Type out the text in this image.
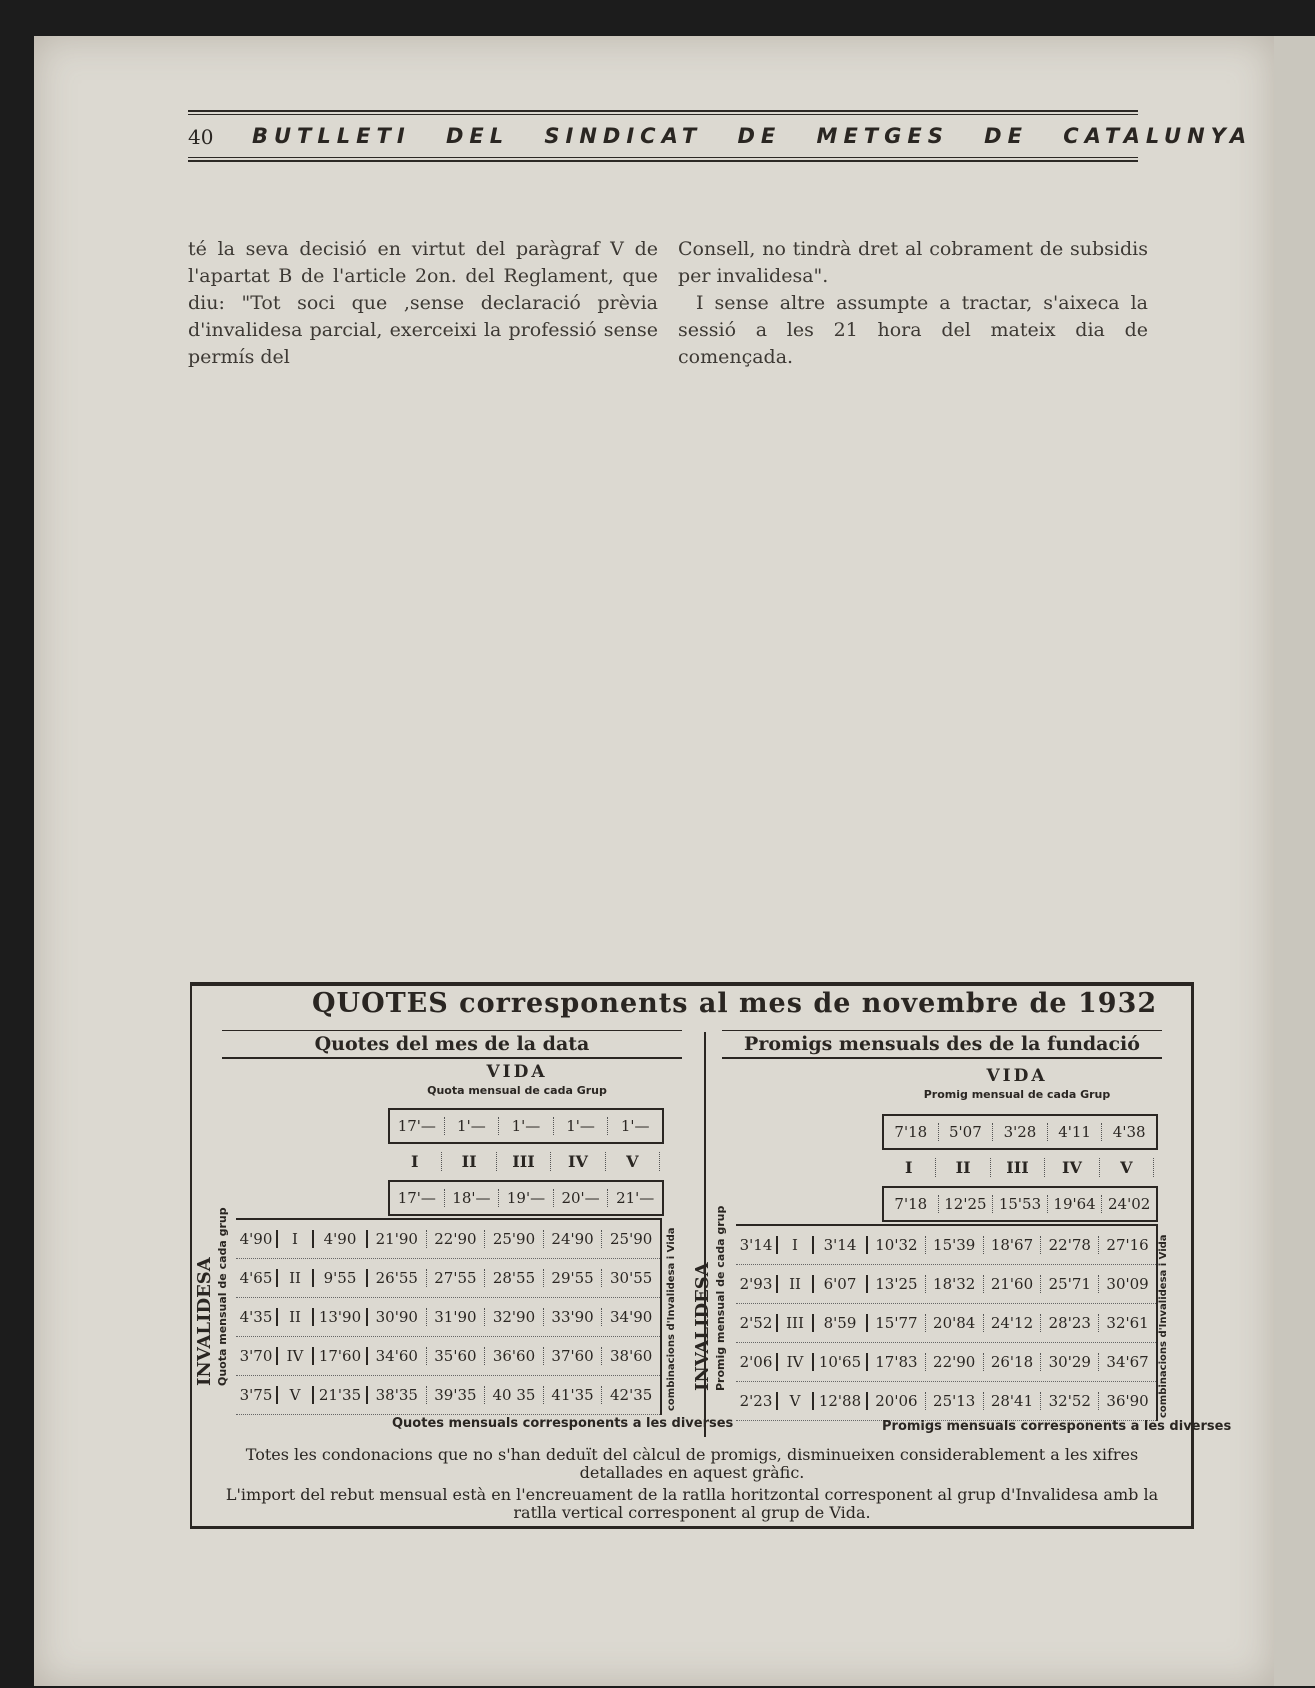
40 BUTLLETI DEL SINDICAT DE METGES DE CATALUNYA

té la seva decisió en virtut del paràgraf V de l'apartat B de l'article 2on. del Reglament, que diu: "Tot soci que ,sense declaració prèvia d'invalidesa parcial, exerceixi la professió sense permís del

Consell, no tindrà dret al cobrament de subsidis per invalidesa".

I sense altre assumpte a tractar, s'aixeca la sessió a les 21 hora del mateix dia de començada.

QUOTES corresponents al mes de novembre de 1932
Quotes del mes de la data
VIDA
Quota mensual de cada Grup
17'—	1'—	1'—	1'—	1'—
I	II	III	IV	V
17'—	18'—	19'—	20'—	21'—
INVALIDESA Quota mensual de cada grup	combinacions d'Invalidesa i Vida
4'90	I	4'90	21'90	22'90	25'90	24'90	25'90
4'65	II	9'55	26'55	27'55	28'55	29'55	30'55
4'35	II	13'90 30'90	31'90	32'90	33'90	34'90
3'70 IV	17'60 34'60	35'60	36'60	37'60	38'60
3'75	V	21'35 38'35	39'35	40 35	41'35	42'35
Quotes mensuals corresponents a les diverses
Promigs mensuals des de la fundació
VIDA
Promig mensual de cada Grup
7'18	5'07	3'28	4'11	4'38
I	II	III	IV	V
7'18	12'25 15'53 19'64 24'02
INVALIDESA Promig mensual de cada grup	combinacions d'Invalidesa i Vida
3'14	I	3'14	10'32	15'39	18'67	22'78	27'16
2'93	II	6'07	13'25	18'32	21'60	25'71	30'09
2'52 III	8'59	15'77	20'84	24'12	28'23	32'61
2'06 IV	10'65 17'83	22'90	26'18	30'29	34'67
2'23	V	12'88 20'06	25'13	28'41	32'52	36'90
Promigs mensuals corresponents a les diverses

Totes les condonacions que no s'han deduït del càlcul de promigs, disminueixen considerablement a les xifres detallades en aquest gràfic.

L'import del rebut mensual està en l'encreuament de la ratlla horitzontal corresponent al grup d'Invalidesa amb la ratlla vertical corresponent al grup de Vida.
